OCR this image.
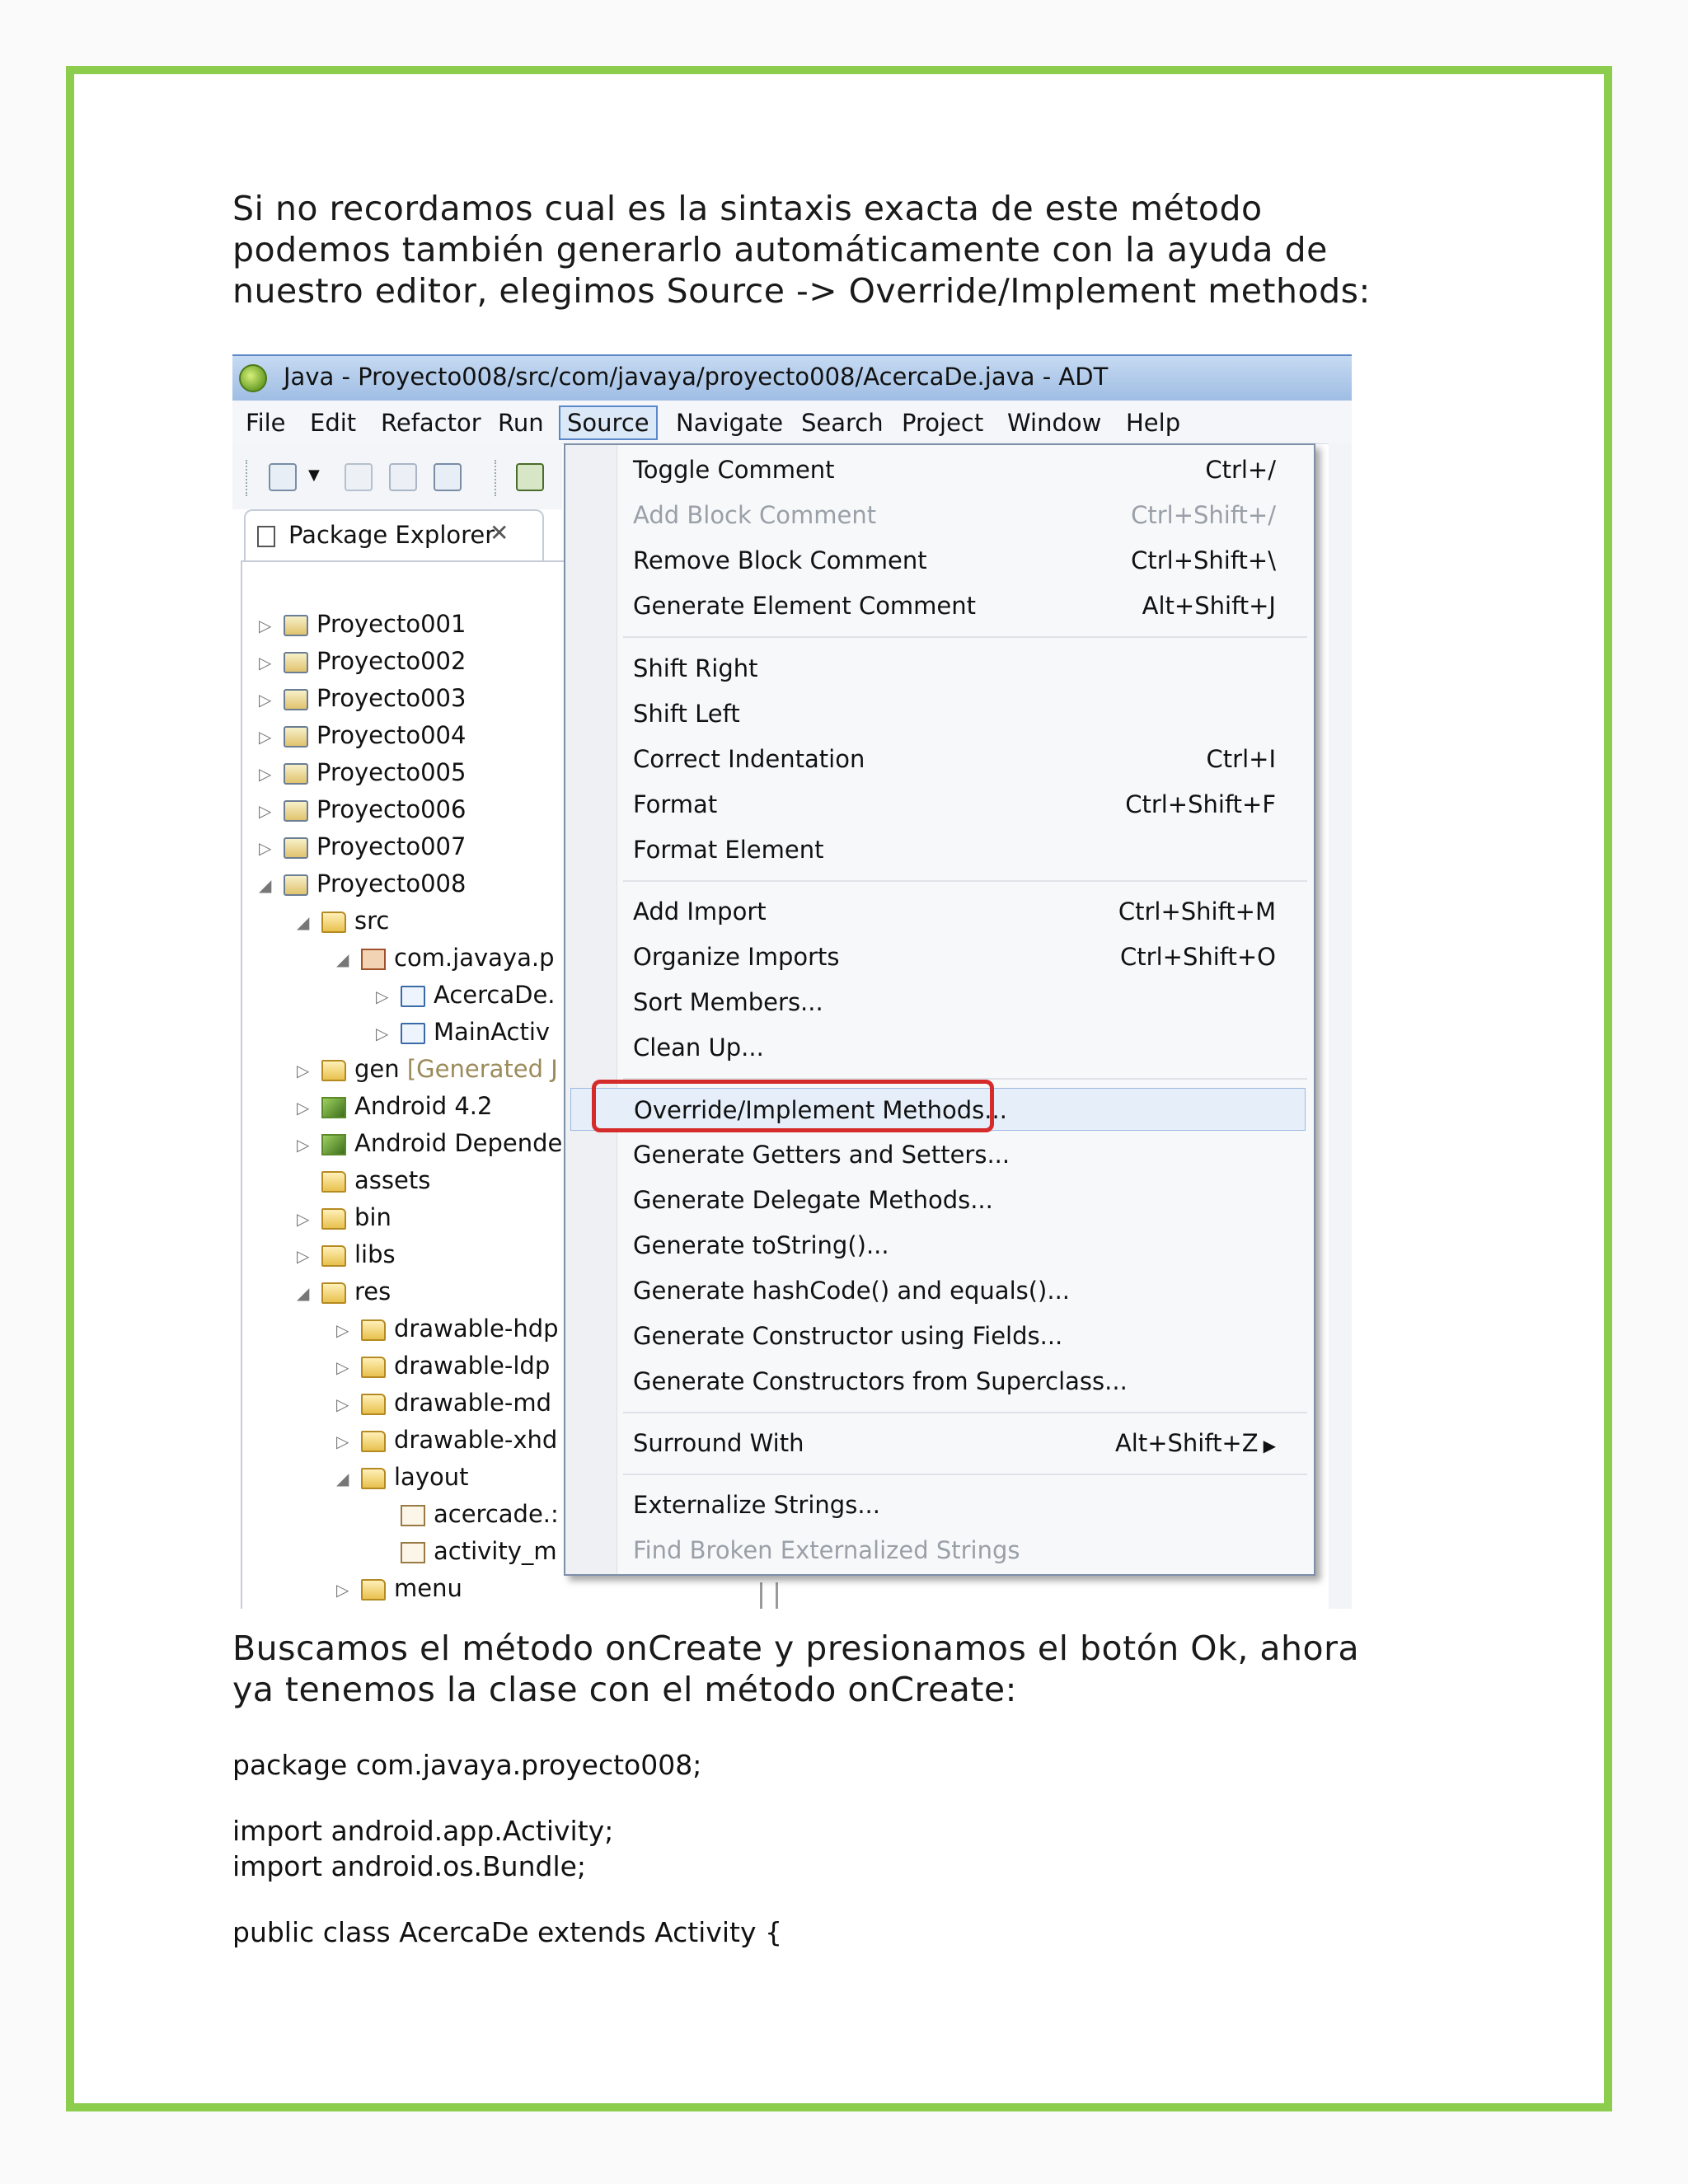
Si no recordamos cual es la sintaxis exacta de este método podemos también generarlo automáticamente con la ayuda de nuestro editor, elegimos Source -> Override/Implement methods:

Java - Proyecto008/src/com/javaya/proyecto008/AcercaDe.java - ADT
File Edit Refactor Run Source	Navigate Search Project Window Help
▼
Package Explorer
✕
▷ Proyecto001
▷ Proyecto002
▷ Proyecto003
▷ Proyecto004
▷ Proyecto005
▷ Proyecto006
▷ Proyecto007
◢ Proyecto008
◢ src
◢ com.javaya.p
▷ AcercaDe.
▷ MainActiv
▷ gen [Generated J
▷ Android 4.2
▷ Android Depende
assets
▷ bin
▷ libs
◢ res
▷ drawable-hdp
▷ drawable-ldp
▷ drawable-md
▷ drawable-xhd
◢ layout
acercade.:
activity_m
▷ menu
Toggle Comment	Ctrl+/
Add Block Comment	Ctrl+Shift+/
Remove Block Comment	Ctrl+Shift+\
Generate Element Comment	Alt+Shift+J
Shift Right
Shift Left
Correct Indentation	Ctrl+I
Format	Ctrl+Shift+F
Format Element
Add Import	Ctrl+Shift+M
Organize Imports	Ctrl+Shift+O
Sort Members...
Clean Up...
Override/Implement Methods...
Generate Getters and Setters...
Generate Delegate Methods...
Generate toString()...
Generate hashCode() and equals()...
Generate Constructor using Fields...
Generate Constructors from Superclass...
Surround With	Alt+Shift+Z ▶
Externalize Strings...
Find Broken Externalized Strings

Buscamos el método onCreate y presionamos el botón Ok, ahora ya tenemos la clase con el método onCreate:

package com.javaya.proyecto008;

import android.app.Activity;

import android.os.Bundle;

public class AcercaDe extends Activity {
